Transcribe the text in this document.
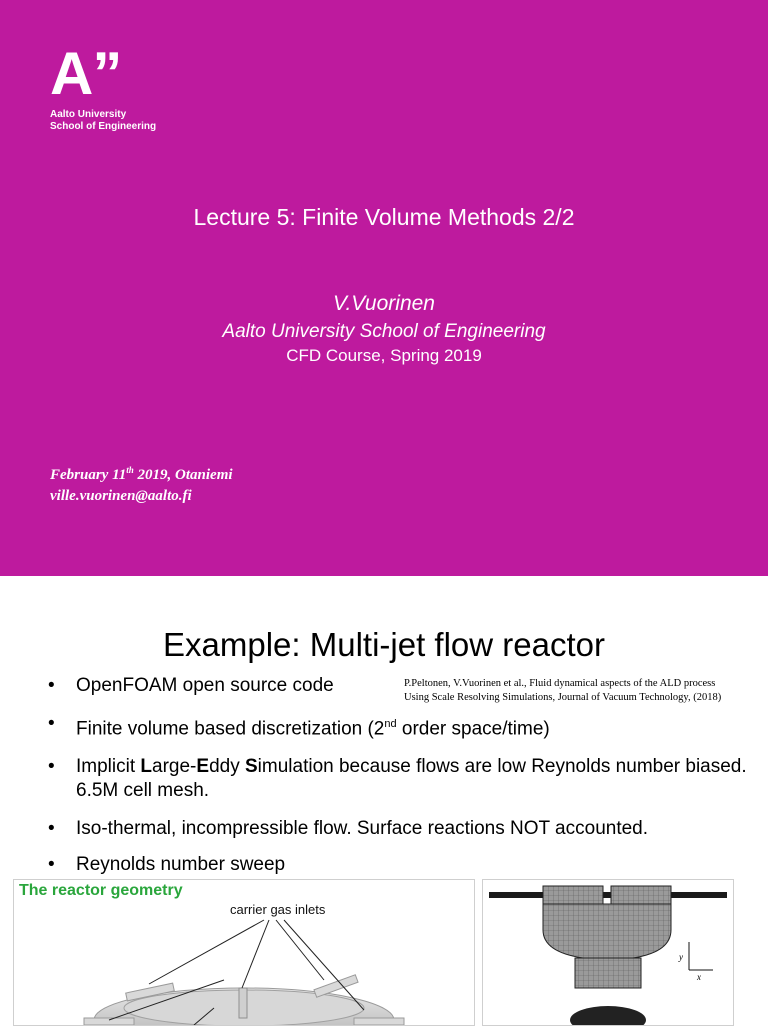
A”
Aalto University
School of Engineering
Lecture 5: Finite Volume Methods 2/2
V.Vuorinen
Aalto University School of Engineering
CFD Course, Spring 2019
February 11th 2019, Otaniemi
ville.vuorinen@aalto.fi
Example: Multi-jet flow reactor
P.Peltonen, V.Vuorinen et al., Fluid dynamical aspects of the ALD process
Using Scale Resolving Simulations, Journal of Vacuum Technology, (2018)
• OpenFOAM open source code
• Finite volume based discretization (2nd order space/time)
• Implicit Large-Eddy Simulation because flows are low Reynolds number biased. 6.5M cell mesh.
• Iso-thermal, incompressible flow. Surface reactions NOT accounted.
• Reynolds number sweep
The reactor geometry
carrier gas inlets
y
x
